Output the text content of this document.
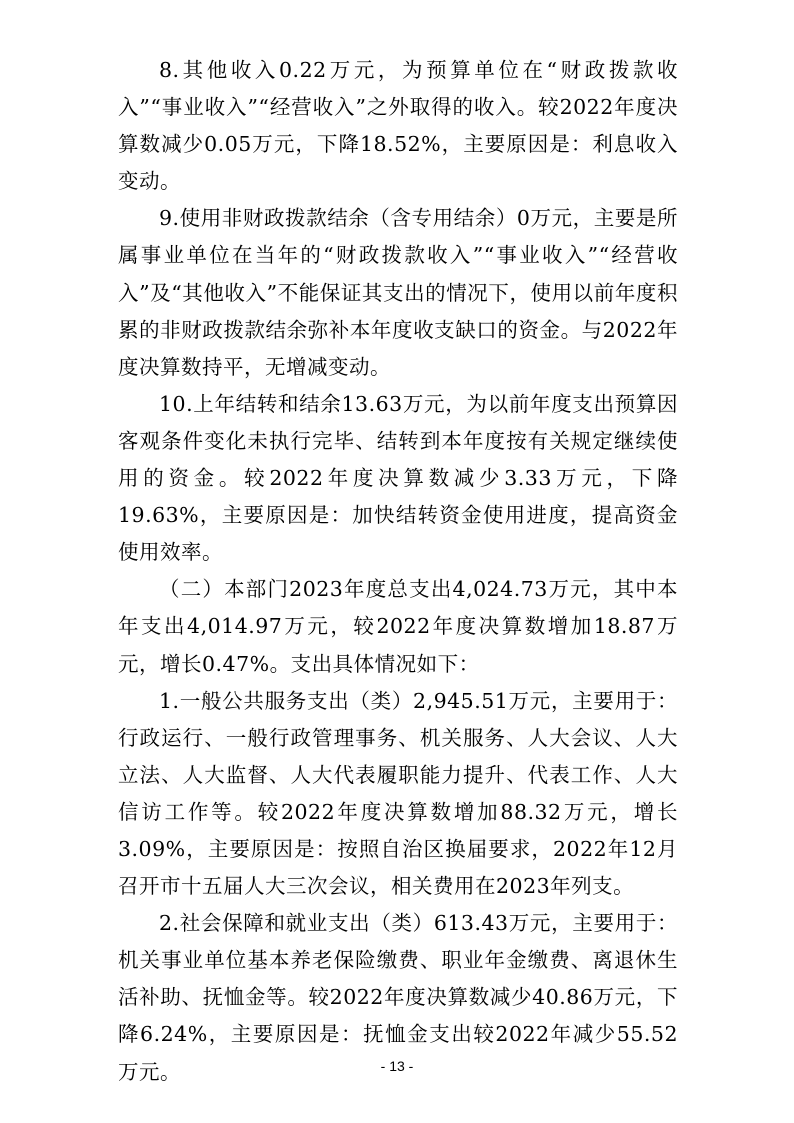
8.其他收入0.22万元，为预算单位在“财政拨款收入”“事业收入”“经营收入”之外取得的收入。较2022年度决算数减少0.05万元，下降18.52%，主要原因是：利息收入变动。

9.使用非财政拨款结余（含专用结余）0万元，主要是所属事业单位在当年的“财政拨款收入”“事业收入”“经营收入”及“其他收入”不能保证其支出的情况下，使用以前年度积累的非财政拨款结余弥补本年度收支缺口的资金。与2022年度决算数持平，无增减变动。

10.上年结转和结余13.63万元，为以前年度支出预算因客观条件变化未执行完毕、结转到本年度按有关规定继续使用的资金。较2022年度决算数减少3.33万元，下降19.63%，主要原因是：加快结转资金使用进度，提高资金使用效率。

（二）本部门2023年度总支出4,024.73万元，其中本年支出4,014.97万元，较2022年度决算数增加18.87万元，增长0.47%。支出具体情况如下：

1.一般公共服务支出（类）2,945.51万元，主要用于：行政运行、一般行政管理事务、机关服务、人大会议、人大立法、人大监督、人大代表履职能力提升、代表工作、人大信访工作等。较2022年度决算数增加88.32万元，增长3.09%，主要原因是：按照自治区换届要求，2022年12月召开市十五届人大三次会议，相关费用在2023年列支。

2.社会保障和就业支出（类）613.43万元，主要用于：机关事业单位基本养老保险缴费、职业年金缴费、离退休生活补助、抚恤金等。较2022年度决算数减少40.86万元，下降6.24%，主要原因是：抚恤金支出较2022年减少55.52万元。	- 13 -
